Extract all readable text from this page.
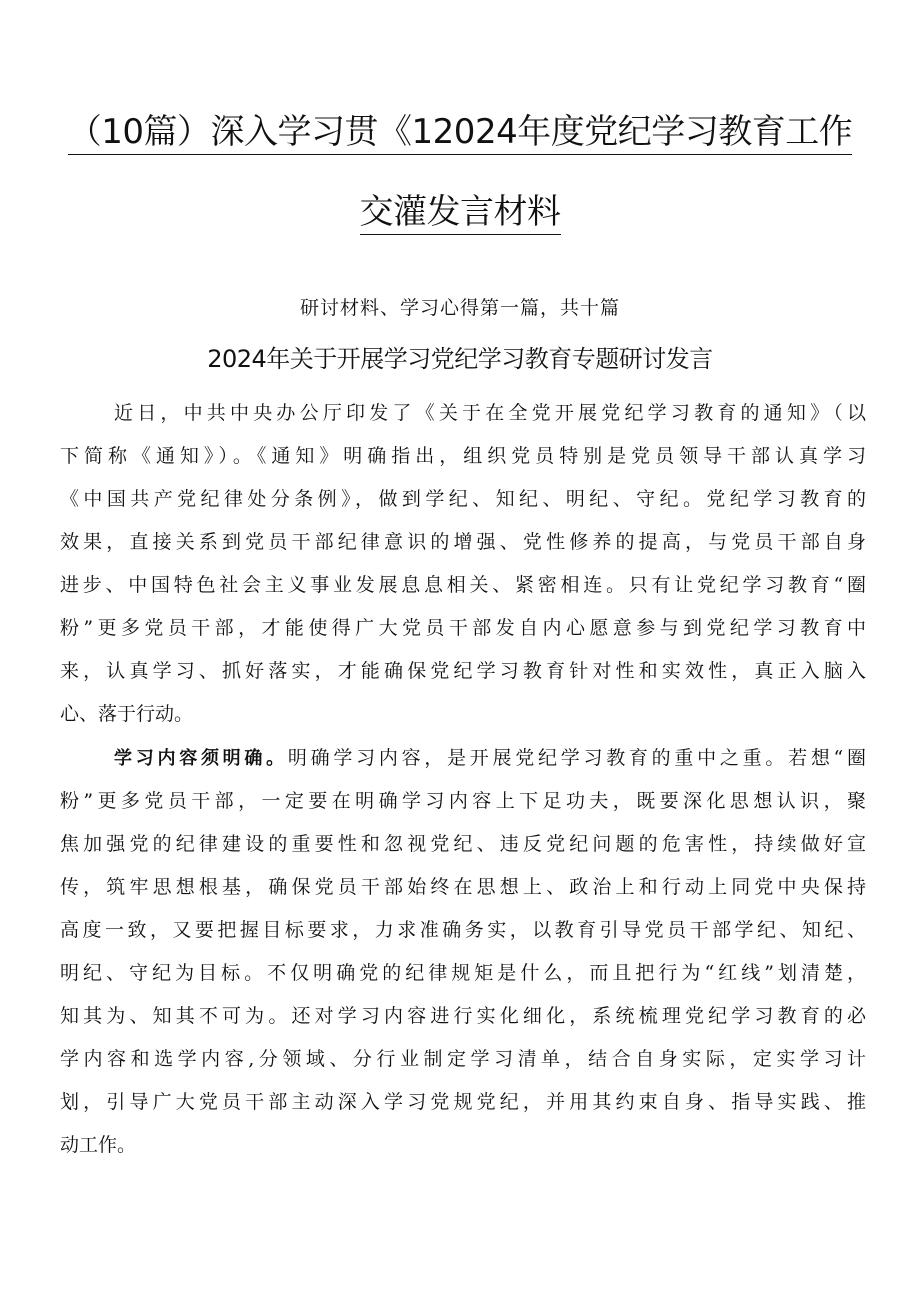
（10篇）深入学习贯《12024年度党纪学习教育工作
交灌发言材料
研讨材料、学习心得第一篇，共十篇
2024年关于开展学习党纪学习教育专题研讨发言
近日，中共中央办公厅印发了《关于在全党开展党纪学习教育的通知》（以
下简称《通知》）。《通知》明确指出，组织党员特别是党员领导干部认真学习
《中国共产党纪律处分条例》，做到学纪、知纪、明纪、守纪。党纪学习教育的
效果，直接关系到党员干部纪律意识的增强、党性修养的提高，与党员干部自身
进步、中国特色社会主义事业发展息息相关、紧密相连。只有让党纪学习教育“圈
粉”更多党员干部，才能使得广大党员干部发自内心愿意参与到党纪学习教育中
来，认真学习、抓好落实，才能确保党纪学习教育针对性和实效性，真正入脑入
心、落于行动。
学习内容须明确。明确学习内容，是开展党纪学习教育的重中之重。若想“圈
粉”更多党员干部，一定要在明确学习内容上下足功夫，既要深化思想认识，聚
焦加强党的纪律建设的重要性和忽视党纪、违反党纪问题的危害性，持续做好宣
传，筑牢思想根基，确保党员干部始终在思想上、政治上和行动上同党中央保持
高度一致，又要把握目标要求，力求准确务实，以教育引导党员干部学纪、知纪、
明纪、守纪为目标。不仅明确党的纪律规矩是什么，而且把行为“红线”划清楚，
知其为、知其不可为。还对学习内容进行实化细化，系统梳理党纪学习教育的必
学内容和选学内容,分领域、分行业制定学习清单，结合自身实际，定实学习计
划，引导广大党员干部主动深入学习党规党纪，并用其约束自身、指导实践、推
动工作。
